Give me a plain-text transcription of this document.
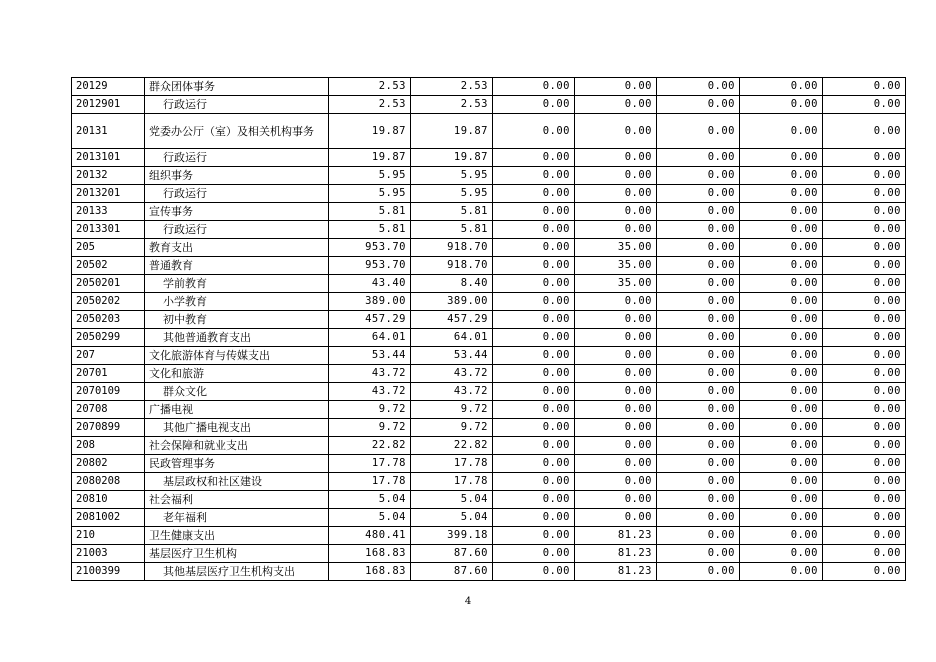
20129	群众团体事务	2.53	2.53	0.00	0.00	0.00	0.00	0.00
2012901	行政运行	2.53	2.53	0.00	0.00	0.00	0.00	0.00
20131	党委办公厅（室）及相关机构事务	19.87	19.87	0.00	0.00	0.00	0.00	0.00
2013101	行政运行	19.87	19.87	0.00	0.00	0.00	0.00	0.00
20132	组织事务	5.95	5.95	0.00	0.00	0.00	0.00	0.00
2013201	行政运行	5.95	5.95	0.00	0.00	0.00	0.00	0.00
20133	宣传事务	5.81	5.81	0.00	0.00	0.00	0.00	0.00
2013301	行政运行	5.81	5.81	0.00	0.00	0.00	0.00	0.00
205	教育支出	953.70	918.70	0.00	35.00	0.00	0.00	0.00
20502	普通教育	953.70	918.70	0.00	35.00	0.00	0.00	0.00
2050201	学前教育	43.40	8.40	0.00	35.00	0.00	0.00	0.00
2050202	小学教育	389.00	389.00	0.00	0.00	0.00	0.00	0.00
2050203	初中教育	457.29	457.29	0.00	0.00	0.00	0.00	0.00
2050299	其他普通教育支出	64.01	64.01	0.00	0.00	0.00	0.00	0.00
207	文化旅游体育与传媒支出	53.44	53.44	0.00	0.00	0.00	0.00	0.00
20701	文化和旅游	43.72	43.72	0.00	0.00	0.00	0.00	0.00
2070109	群众文化	43.72	43.72	0.00	0.00	0.00	0.00	0.00
20708	广播电视	9.72	9.72	0.00	0.00	0.00	0.00	0.00
2070899	其他广播电视支出	9.72	9.72	0.00	0.00	0.00	0.00	0.00
208	社会保障和就业支出	22.82	22.82	0.00	0.00	0.00	0.00	0.00
20802	民政管理事务	17.78	17.78	0.00	0.00	0.00	0.00	0.00
2080208	基层政权和社区建设	17.78	17.78	0.00	0.00	0.00	0.00	0.00
20810	社会福利	5.04	5.04	0.00	0.00	0.00	0.00	0.00
2081002	老年福利	5.04	5.04	0.00	0.00	0.00	0.00	0.00
210	卫生健康支出	480.41	399.18	0.00	81.23	0.00	0.00	0.00
21003	基层医疗卫生机构	168.83	87.60	0.00	81.23	0.00	0.00	0.00
2100399	其他基层医疗卫生机构支出	168.83	87.60	0.00	81.23	0.00	0.00	0.00
4
